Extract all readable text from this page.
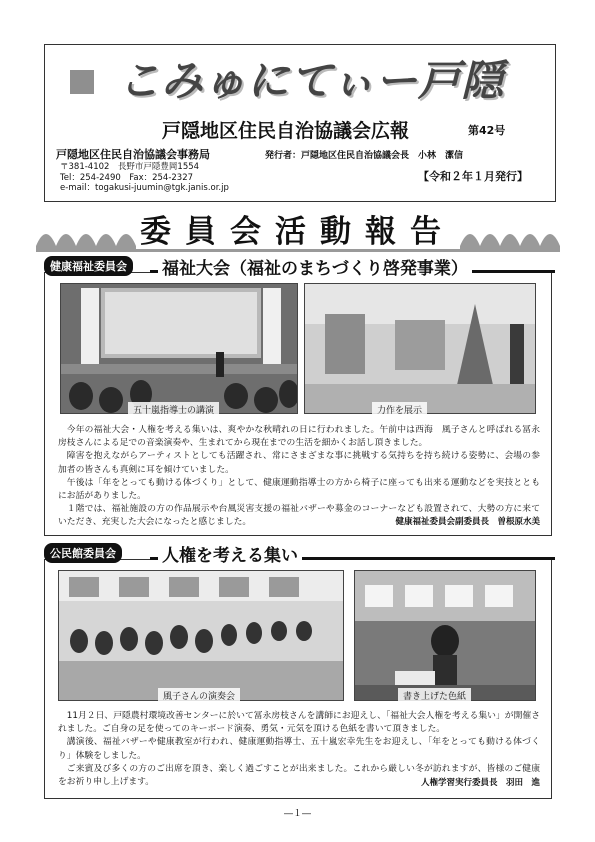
こみゅにてぃー戸隠
戸隠地区住民自治協議会広報	第42号
戸隠地区住民自治協議会事務局
〒381-4102　長野市戸隠豊岡1554
Tel：254-2490　Fax：254-2327
e-mail：togakusi-juumin@tgk.janis.or.jp
発行者：戸隠地区住民自治協議会長　小林　潔信
【令和２年１月発行】
委員会活動報告
健康福祉委員会	福祉大会（福祉のまちづくり啓発事業）
五十嵐指導士の講演	力作を展示

今年の福祉大会・人権を考える集いは、爽やかな秋晴れの日に行われました。午前中は西海　風子さんと呼ばれる冨永房枝さんによる足での音楽演奏や、生まれてから現在までの生活を細かくお話し頂きました。

障害を抱えながらアーティストとしても活躍され、常にさまざまな事に挑戦する気持ちを持ち続ける姿勢に、会場の参加者の皆さんも真剣に耳を傾けていました。

午後は「年をとっても動ける体づくり」として、健康運動指導士の方から椅子に座っても出来る運動などを実技とともにお話がありました。

１階では、福祉施設の方の作品展示や台風災害支援の福祉バザーや募金のコーナーなども設置されて、大勢の方に来ていただき、充実した大会になったと感じました。	健康福祉委員会副委員長　曽根原水美
公民館委員会	人権を考える集い
風子さんの演奏会	書き上げた色紙

11月２日、戸隠農村環境改善センターに於いて冨永房枝さんを講師にお迎えし、「福祉大会人権を考える集い」が開催されました。ご自身の足を使ってのキーボード演奏、勇気・元気を頂ける色紙を書いて頂きました。

講演後、福祉バザーや健康教室が行われ、健康運動指導士、五十嵐宏幸先生をお迎えし、「年をとっても動ける体づくり」体験をしました。

ご来賓及び多くの方のご出席を頂き、楽しく過ごすことが出来ました。これから厳しい冬が訪れますが、皆様のご健康をお祈り申し上げます。	人権学習実行委員長　羽田　進
―１―
